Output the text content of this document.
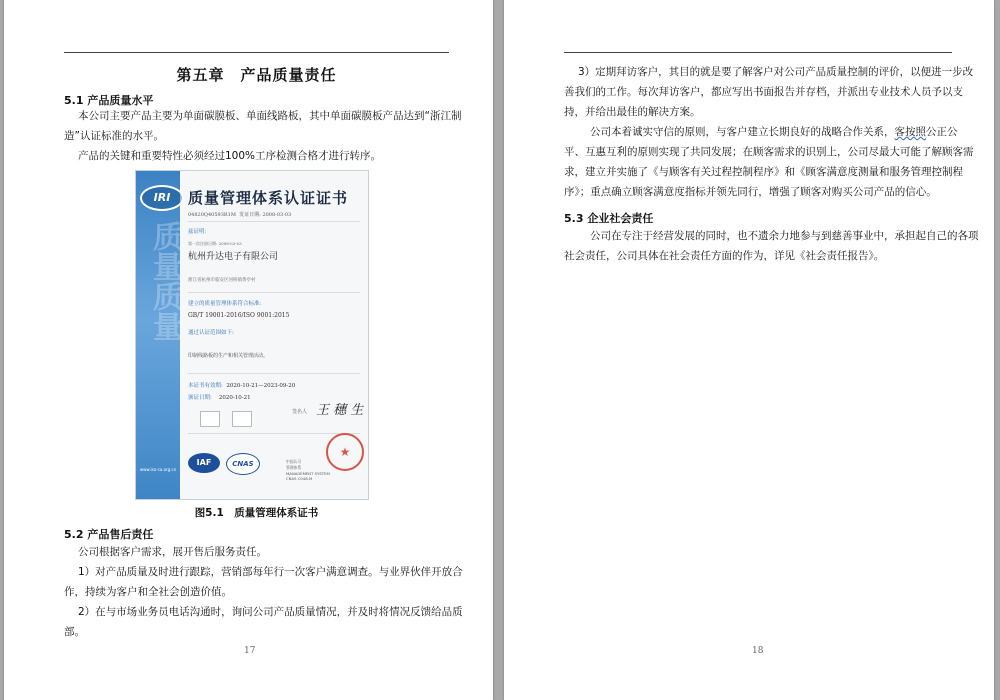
第五章　产品质量责任
5.1 产品质量水平

本公司主要产品主要为单面碳膜板、单面线路板，其中单面碳膜板产品达到“浙江制

造”认证标准的水平。

产品的关键和重要特性必须经过100%工序检测合格才进行转序。

质量质量
www.iso-ca.org.cn
IRI	质量管理体系认证证书
04820Q40593R1M 发证日期: 2008-03-03
兹证明:
第一次注册日期: 2008-03-03
杭州升达电子有限公司
浙江省杭州市临安区河桥镇黄亭村
建立的质量管理体系符合标准:
GB/T 19001-2016/ISO 9001:2015
通过认证范围如下:
印制线路板的生产和相关管理活动。
本证书有效期: 2020-10-21—2023-09-20
颁证日期: 2020-10-21
签名人 王 穗 生
IAF	CNAS	中国认可
管理体系
MANAGEMENT SYSTEM
CNAS C048-M
★
图5.1　质量管理体系证书
5.2 产品售后责任

公司根据客户需求，展开售后服务责任。

1）对产品质量及时进行跟踪，营销部每年行一次客户满意调查。与业界伙伴开放合

作，持续为客户和全社会创造价值。

2）在与市场业务员电话沟通时，询问公司产品质量情况，并及时将情况反馈给品质

部。

17

3）定期拜访客户，其目的就是要了解客户对公司产品质量控制的评价，以便进一步改

善我们的工作。每次拜访客户，都应写出书面报告并存档，并派出专业技术人员予以支

持，并给出最佳的解决方案。

公司本着诚实守信的原则，与客户建立长期良好的战略合作关系，客按照公正公

平、互惠互利的原则实现了共同发展；在顾客需求的识别上，公司尽最大可能了解顾客需

求，建立并实施了《与顾客有关过程控制程序》和《顾客满意度测量和服务管理控制程

序》；重点确立顾客满意度指标并领先同行，增强了顾客对购买公司产品的信心。

5.3 企业社会责任

公司在专注于经营发展的同时，也不遗余力地参与到慈善事业中，承担起自己的各项

社会责任，公司具体在社会责任方面的作为，详见《社会责任报告》。

18
